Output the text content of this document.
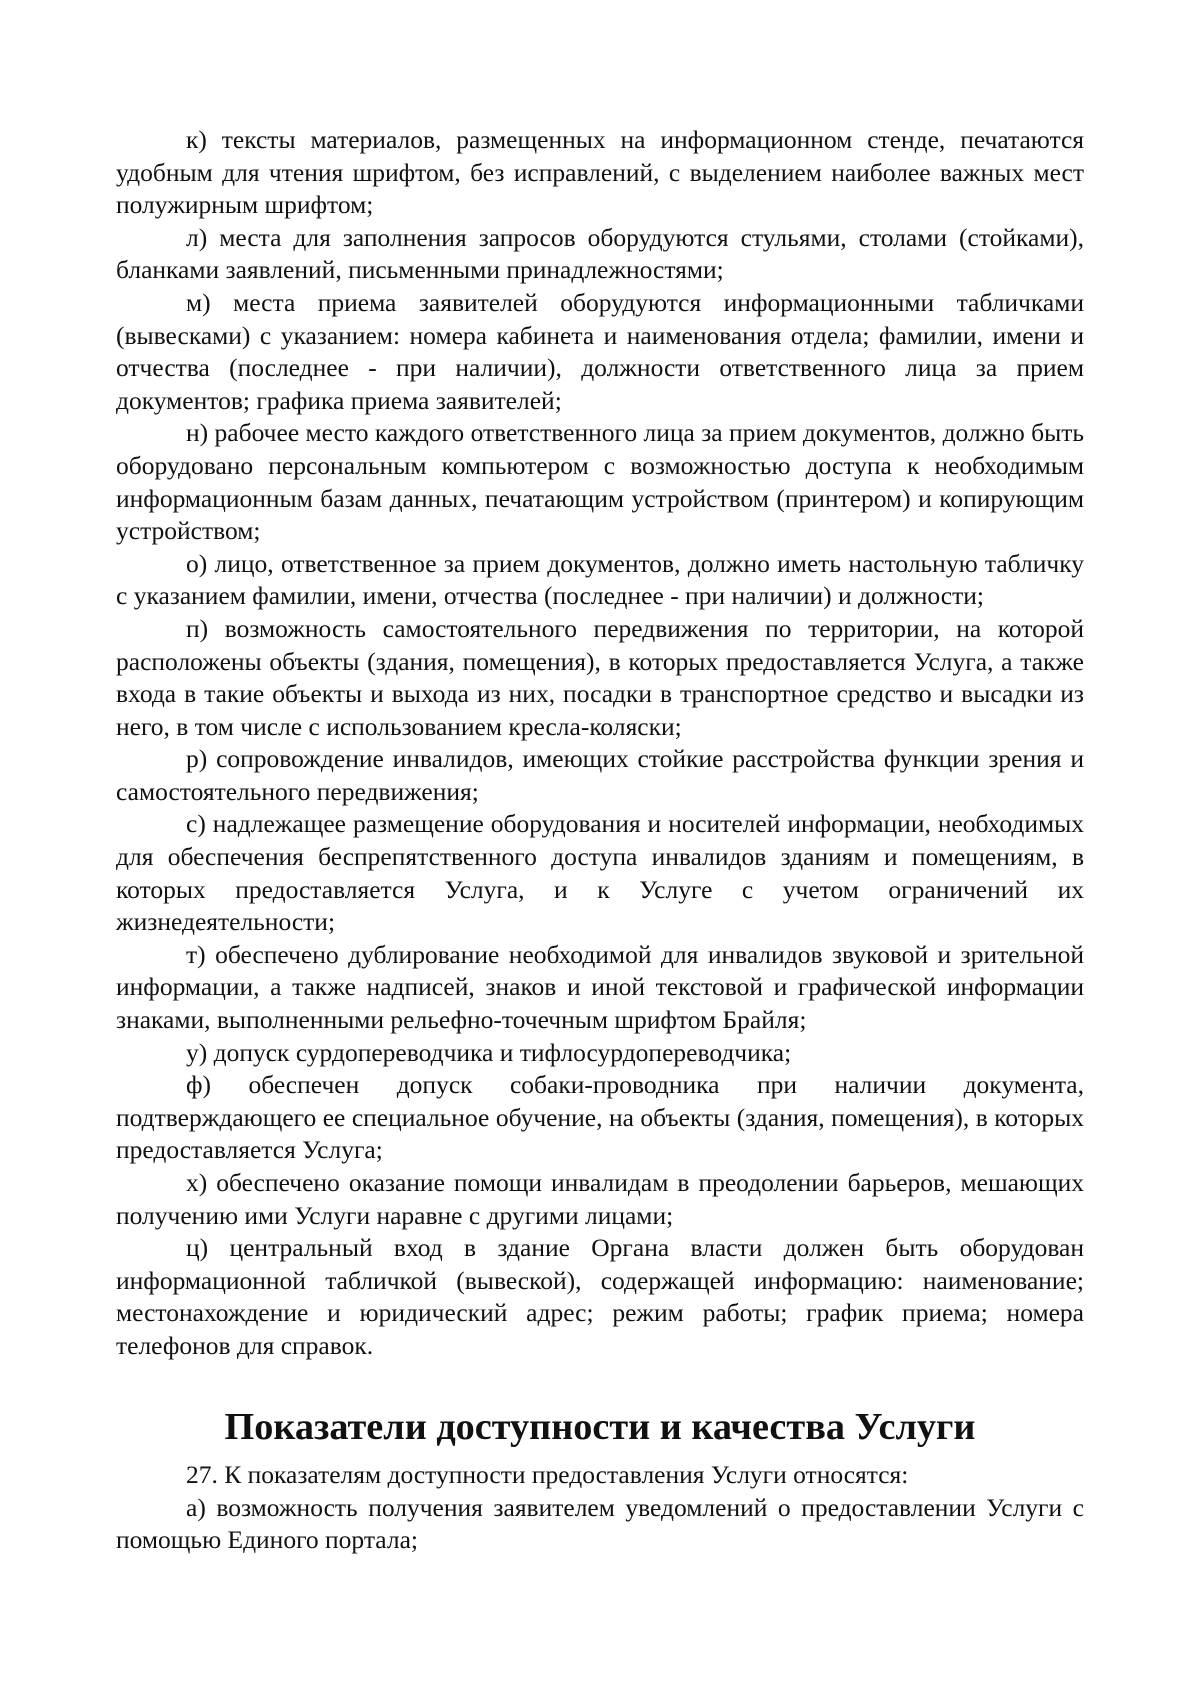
к) тексты материалов, размещенных на информационном стенде, печатаются удобным для чтения шрифтом, без исправлений, с выделением наиболее важных мест полужирным шрифтом;

л) места для заполнения запросов оборудуются стульями, столами (стойками), бланками заявлений, письменными принадлежностями;

м) места приема заявителей оборудуются информационными табличками (вывесками) с указанием: номера кабинета и наименования отдела; фамилии, имени и отчества (последнее - при наличии), должности ответственного лица за прием документов; графика приема заявителей;

н) рабочее место каждого ответственного лица за прием документов, должно быть оборудовано персональным компьютером с возможностью доступа к необходимым информационным базам данных, печатающим устройством (принтером) и копирующим устройством;

о) лицо, ответственное за прием документов, должно иметь настольную табличку с указанием фамилии, имени, отчества (последнее - при наличии) и должности;

п) возможность самостоятельного передвижения по территории, на которой расположены объекты (здания, помещения), в которых предоставляется Услуга, а также входа в такие объекты и выхода из них, посадки в транспортное средство и высадки из него, в том числе с использованием кресла-коляски;

р) сопровождение инвалидов, имеющих стойкие расстройства функции зрения и самостоятельного передвижения;

с) надлежащее размещение оборудования и носителей информации, необходимых для обеспечения беспрепятственного доступа инвалидов зданиям и помещениям, в которых предоставляется Услуга, и к Услуге с учетом ограничений их жизнедеятельности;

т) обеспечено дублирование необходимой для инвалидов звуковой и зрительной информации, а также надписей, знаков и иной текстовой и графической информации знаками, выполненными рельефно-точечным шрифтом Брайля;

у) допуск сурдопереводчика и тифлосурдопереводчика;

ф) обеспечен допуск собаки-проводника при наличии документа, подтверждающего ее специальное обучение, на объекты (здания, помещения), в которых предоставляется Услуга;

х) обеспечено оказание помощи инвалидам в преодолении барьеров, мешающих получению ими Услуги наравне с другими лицами;

ц) центральный вход в здание Органа власти должен быть оборудован информационной табличкой (вывеской), содержащей информацию: наименование; местонахождение и юридический адрес; режим работы; график приема; номера телефонов для справок.

Показатели доступности и качества Услуги

27. К показателям доступности предоставления Услуги относятся:

а) возможность получения заявителем уведомлений о предоставлении Услуги с помощью Единого портала;
